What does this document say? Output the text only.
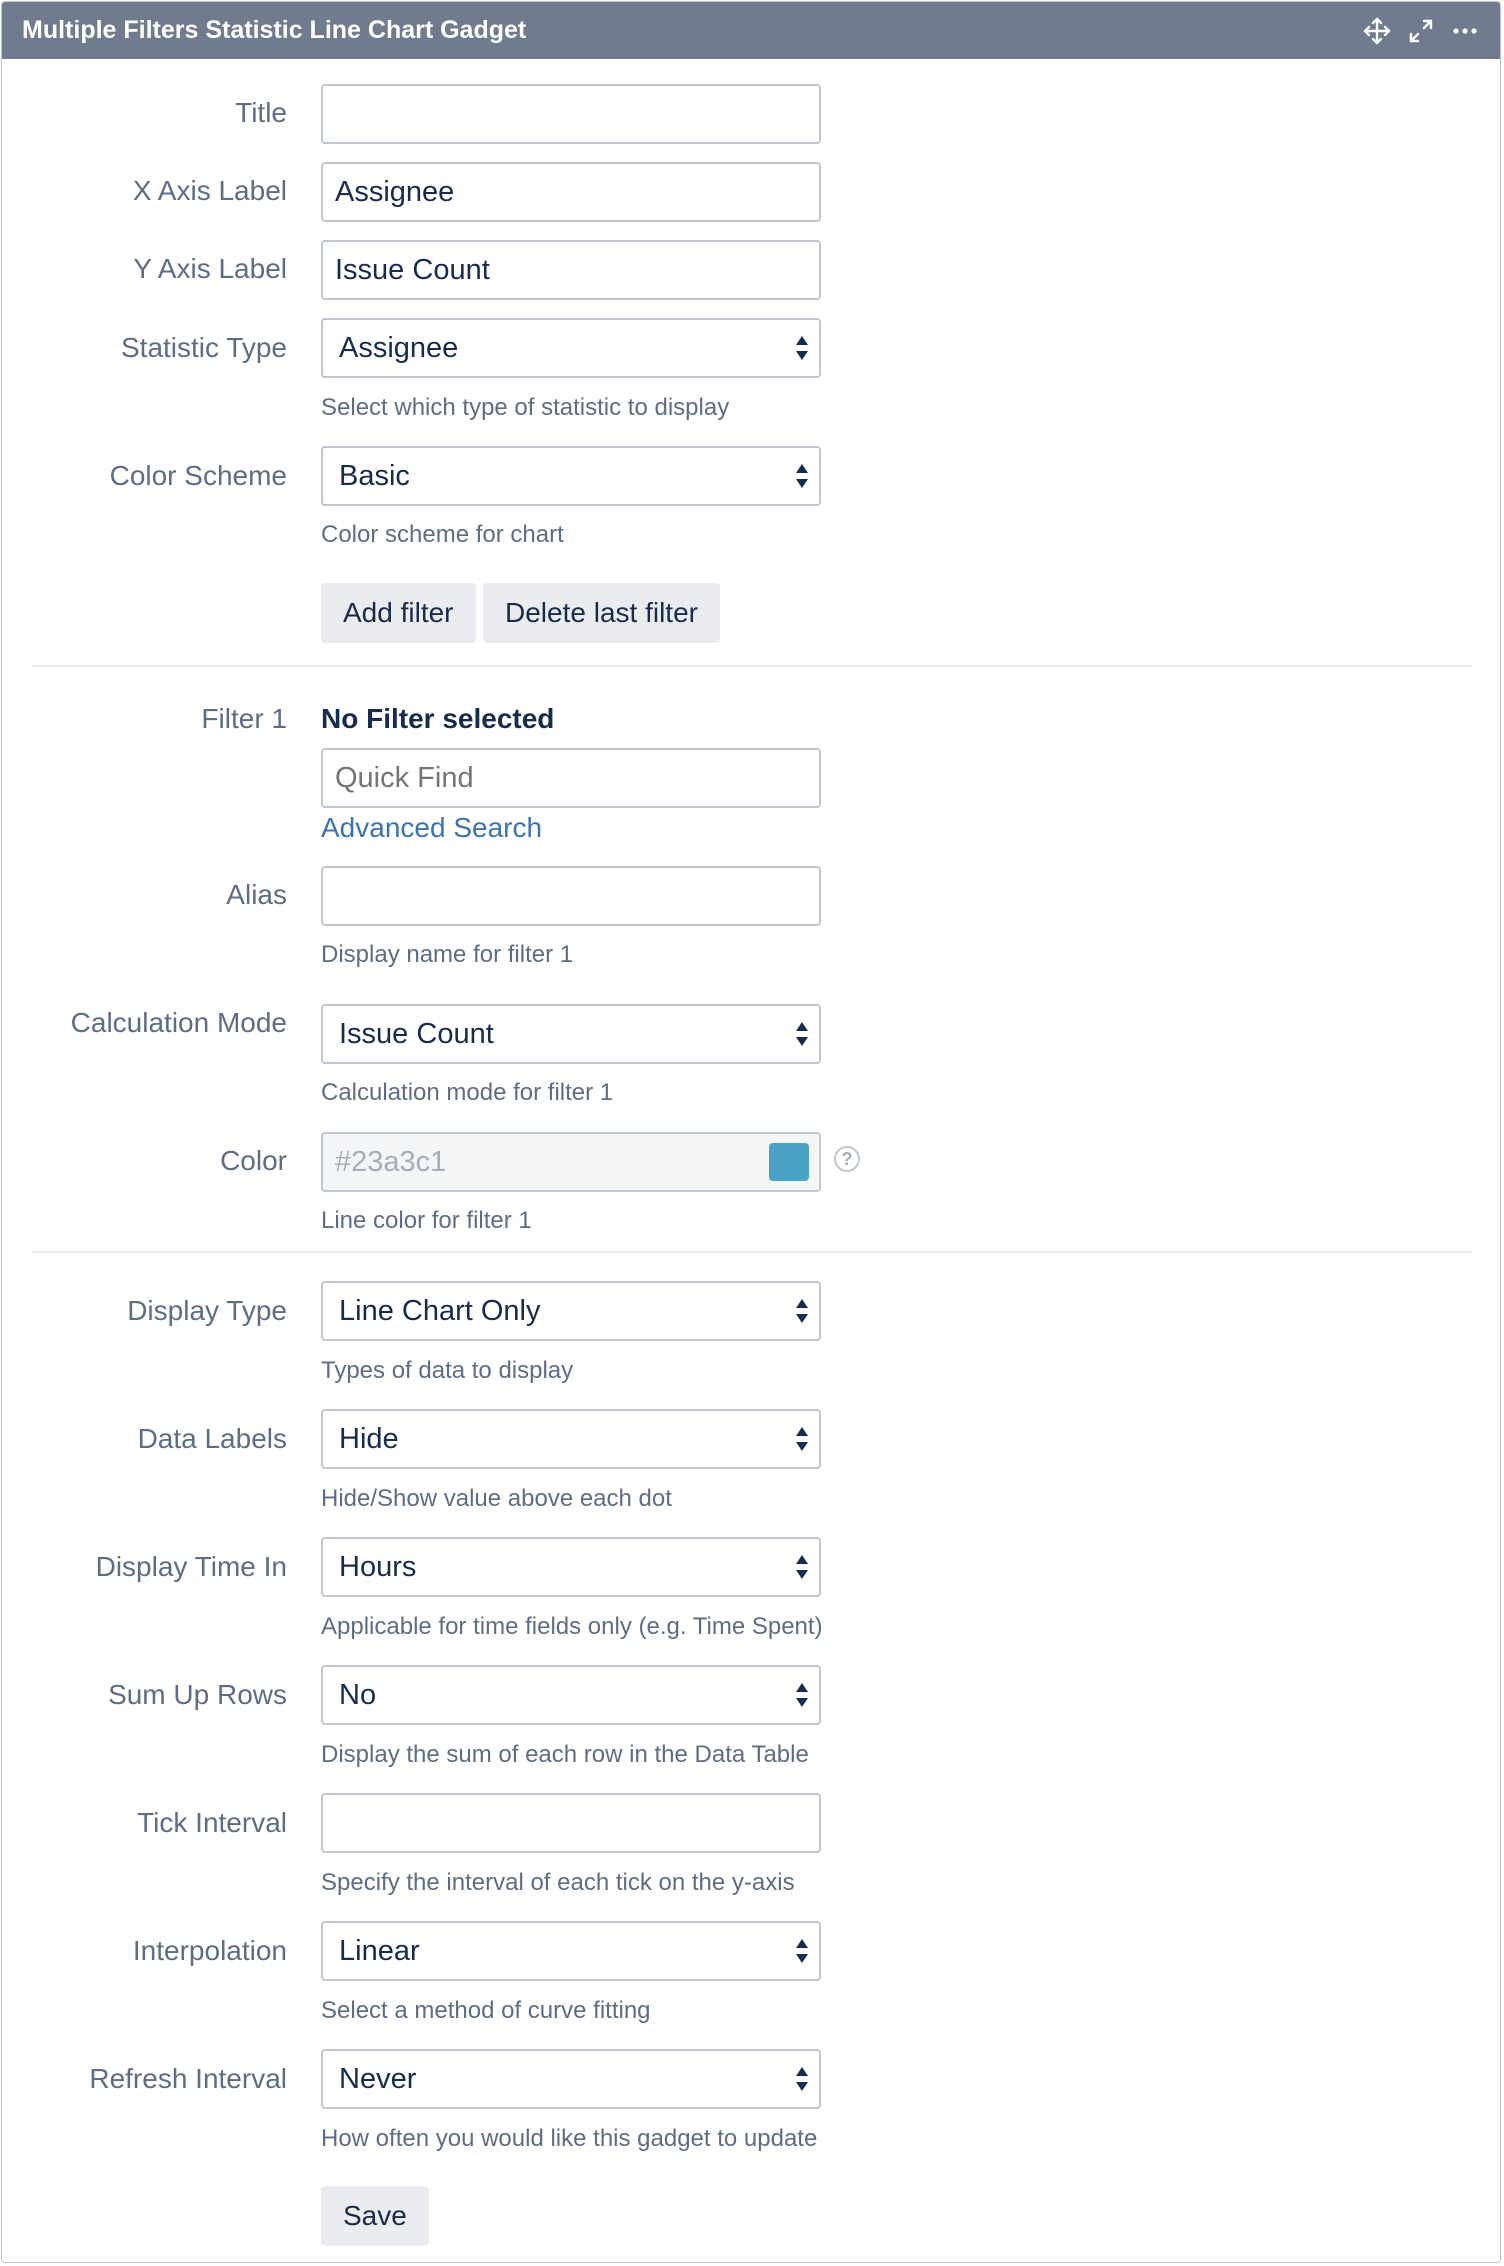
Multiple Filters Statistic Line Chart Gadget
Title
X Axis Label
Assignee
Y Axis Label
Issue Count
Statistic Type Assignee
Select which type of statistic to display
Color Scheme Basic
Color scheme for chart
Add filter	Delete last filter
Filter 1 No Filter selected
Quick Find
Advanced Search
Alias
Display name for filter 1
Calculation Mode Issue Count
Calculation mode for filter 1
Color #23a3c1	?
Line color for filter 1
Display Type Line Chart Only
Types of data to display
Data Labels Hide
Hide/Show value above each dot
Display Time In Hours
Applicable for time fields only (e.g. Time Spent)
Sum Up Rows No
Display the sum of each row in the Data Table
Tick Interval
Specify the interval of each tick on the y-axis
Interpolation Linear
Select a method of curve fitting
Refresh Interval Never
How often you would like this gadget to update
Save
